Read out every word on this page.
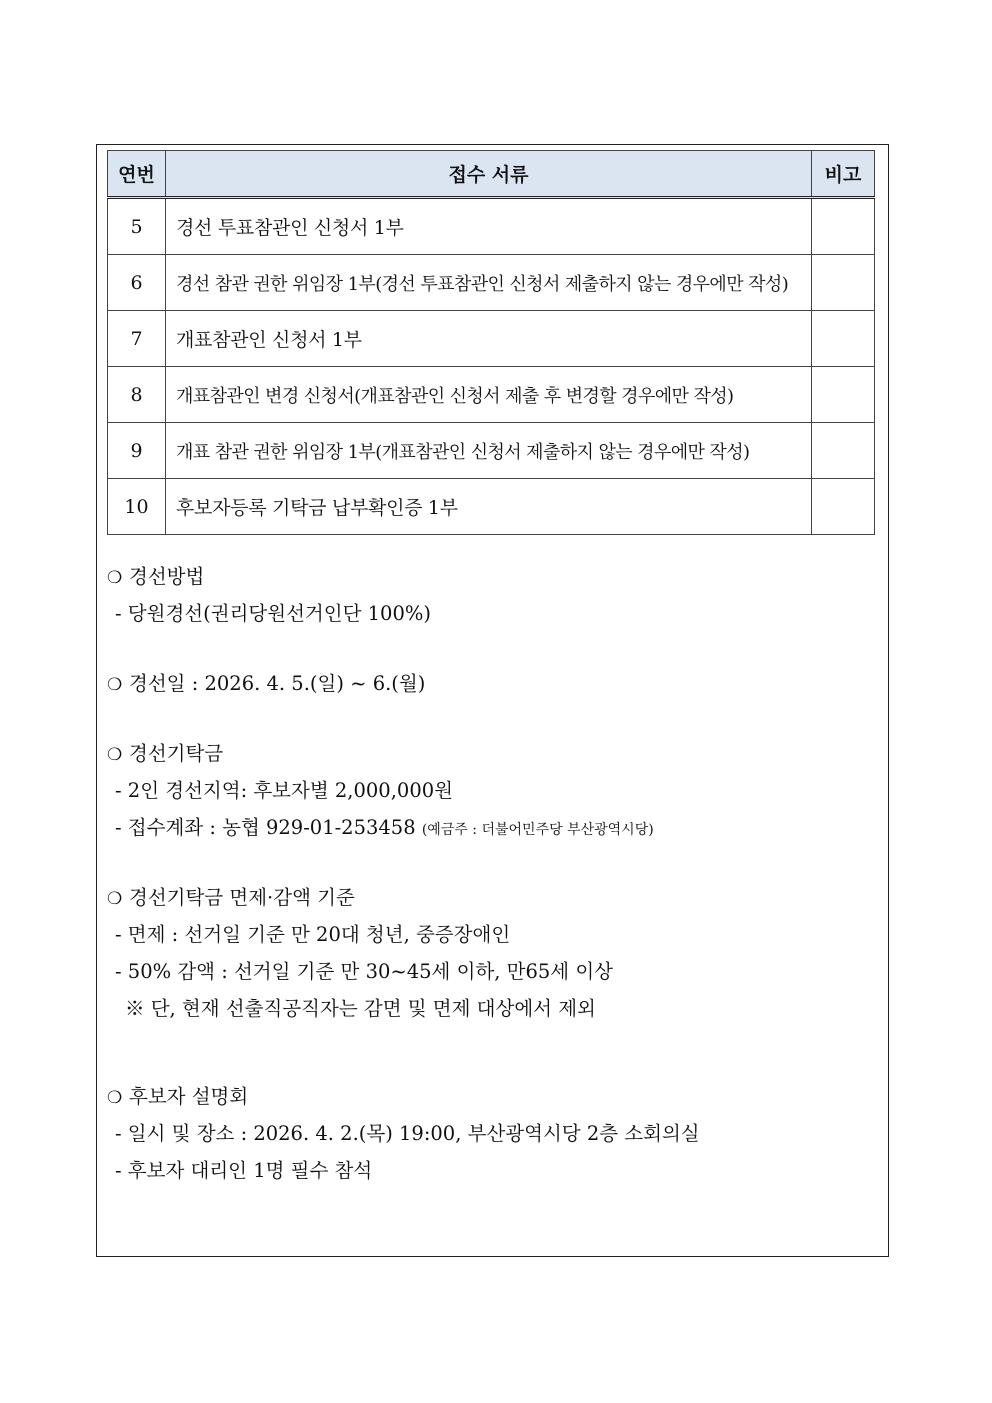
연번	접수 서류	비고
5	경선 투표참관인 신청서 1부	
6	경선 참관 권한 위임장 1부(경선 투표참관인 신청서 제출하지 않는 경우에만 작성)	
7	개표참관인 신청서 1부	
8	개표참관인 변경 신청서(개표참관인 신청서 제출 후 변경할 경우에만 작성)	
9	개표 참관 권한 위임장 1부(개표참관인 신청서 제출하지 않는 경우에만 작성)	
10	후보자등록 기탁금 납부확인증 1부	
❍ 경선방법
- 당원경선(권리당원선거인단 100%)
❍ 경선일 : 2026. 4. 5.(일) ~ 6.(월)
❍ 경선기탁금
- 2인 경선지역: 후보자별 2,000,000원
- 접수계좌 : 농협 929-01-253458 (예금주 : 더불어민주당 부산광역시당)
❍ 경선기탁금 면제·감액 기준
- 면제 : 선거일 기준 만 20대 청년, 중증장애인
- 50% 감액 : 선거일 기준 만 30~45세 이하, 만65세 이상
※ 단, 현재 선출직공직자는 감면 및 면제 대상에서 제외
❍ 후보자 설명회
- 일시 및 장소 : 2026. 4. 2.(목) 19:00, 부산광역시당 2층 소회의실
- 후보자 대리인 1명 필수 참석
